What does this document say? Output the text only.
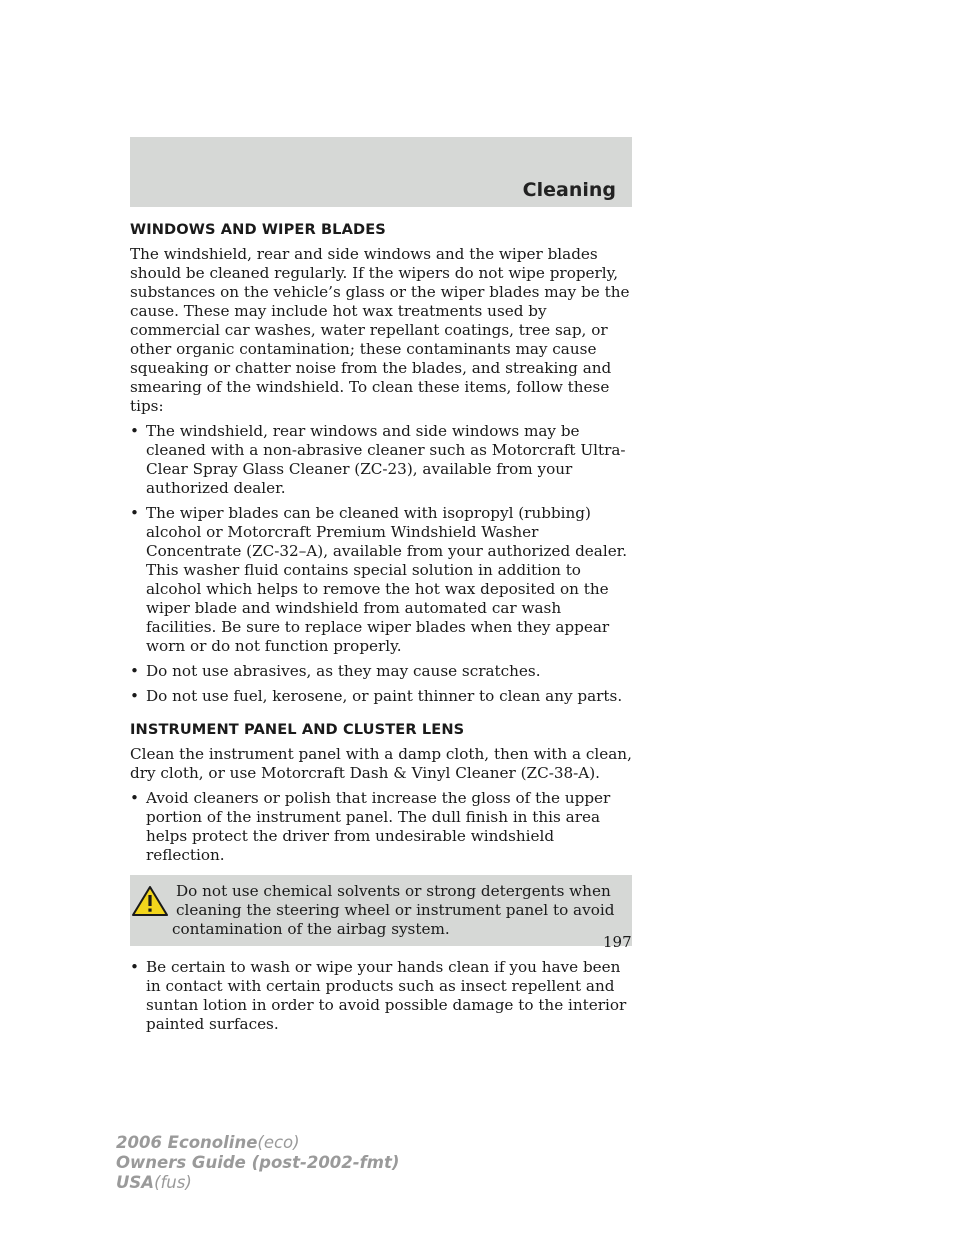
Cleaning
WINDOWS AND WIPER BLADES

The windshield, rear and side windows and the wiper blades should be cleaned regularly. If the wipers do not wipe properly, substances on the vehicle’s glass or the wiper blades may be the cause. These may include hot wax treatments used by commercial car washes, water repellant coatings, tree sap, or other organic contamination; these contaminants may cause squeaking or chatter noise from the blades, and streaking and smearing of the windshield. To clean these items, follow these tips:

• The windshield, rear windows and side windows may be cleaned with a non-abrasive cleaner such as Motorcraft Ultra-Clear Spray Glass Cleaner (ZC-23), available from your authorized dealer.
• The wiper blades can be cleaned with isopropyl (rubbing) alcohol or Motorcraft Premium Windshield Washer Concentrate (ZC-32–A), available from your authorized dealer. This washer fluid contains special solution in addition to alcohol which helps to remove the hot wax deposited on the wiper blade and windshield from automated car wash facilities. Be sure to replace wiper blades when they appear worn or do not function properly.
• Do not use abrasives, as they may cause scratches.
• Do not use fuel, kerosene, or paint thinner to clean any parts.
INSTRUMENT PANEL AND CLUSTER LENS

Clean the instrument panel with a damp cloth, then with a clean, dry cloth, or use Motorcraft Dash & Vinyl Cleaner (ZC-38-A).

• Avoid cleaners or polish that increase the gloss of the upper portion of the instrument panel. The dull finish in this area helps protect the driver from undesirable windshield reflection.
Do not use chemical solvents or strong detergents when cleaning the steering wheel or instrument panel to avoid contamination of the airbag system.
• Be certain to wash or wipe your hands clean if you have been in contact with certain products such as insect repellent and suntan lotion in order to avoid possible damage to the interior painted surfaces.
197
2006 Econoline(eco)
Owners Guide (post-2002-fmt)
USA(fus)
